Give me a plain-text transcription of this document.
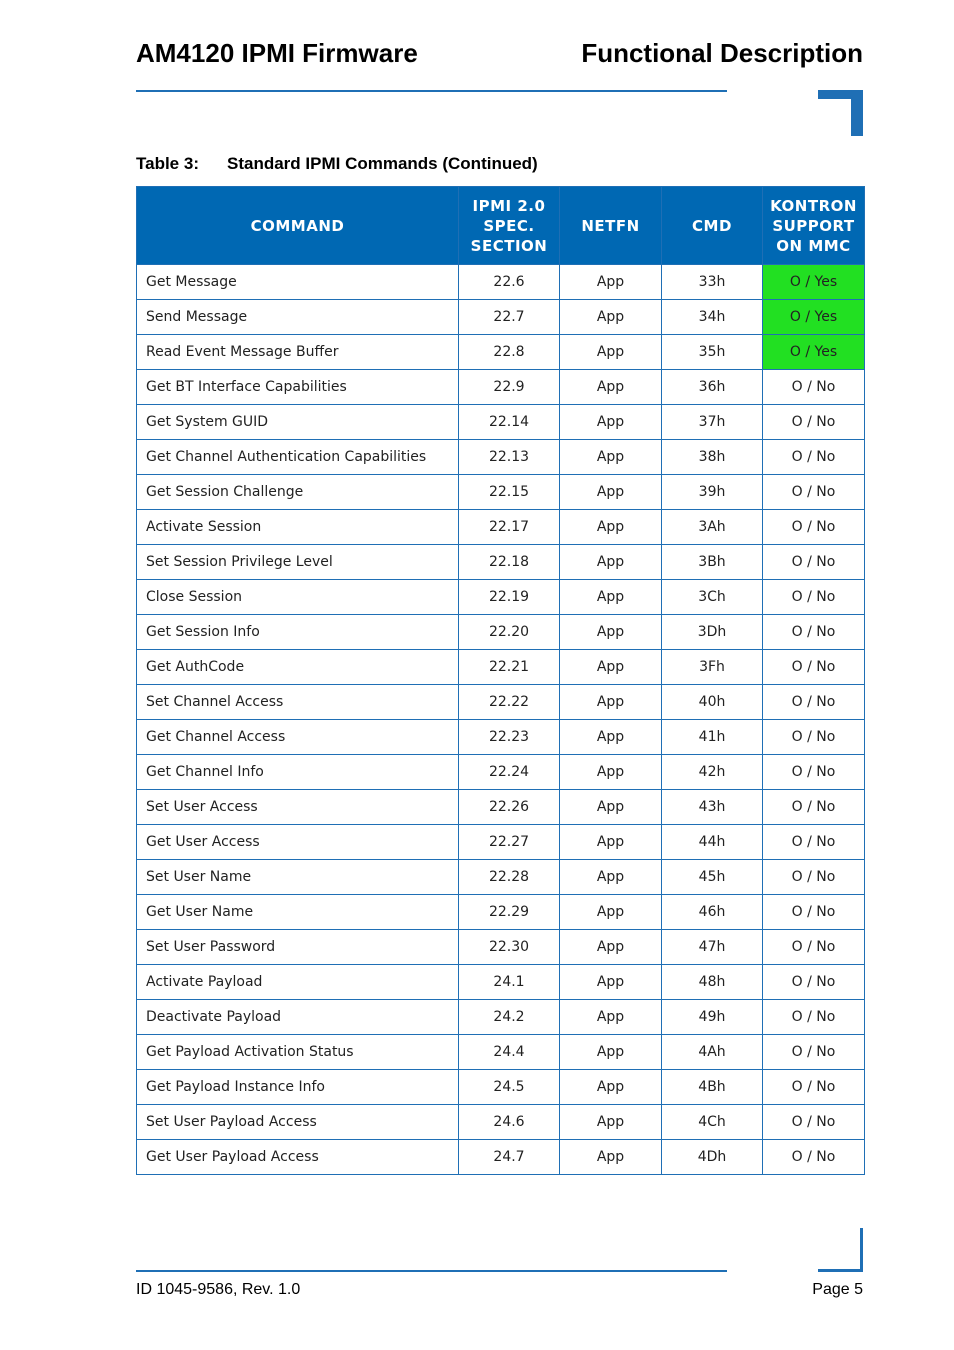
AM4120 IPMI Firmware	Functional Description
Table 3: Standard IPMI Commands (Continued)
COMMAND	IPMI 2.0
SPEC.
SECTION	NETFN	CMD	KONTRON
SUPPORT
ON MMC
Get Message	22.6	App	33h	O / Yes
Send Message	22.7	App	34h	O / Yes
Read Event Message Buffer	22.8	App	35h	O / Yes
Get BT Interface Capabilities	22.9	App	36h	O / No
Get System GUID	22.14	App	37h	O / No
Get Channel Authentication Capabilities	22.13	App	38h	O / No
Get Session Challenge	22.15	App	39h	O / No
Activate Session	22.17	App	3Ah	O / No
Set Session Privilege Level	22.18	App	3Bh	O / No
Close Session	22.19	App	3Ch	O / No
Get Session Info	22.20	App	3Dh	O / No
Get AuthCode	22.21	App	3Fh	O / No
Set Channel Access	22.22	App	40h	O / No
Get Channel Access	22.23	App	41h	O / No
Get Channel Info	22.24	App	42h	O / No
Set User Access	22.26	App	43h	O / No
Get User Access	22.27	App	44h	O / No
Set User Name	22.28	App	45h	O / No
Get User Name	22.29	App	46h	O / No
Set User Password	22.30	App	47h	O / No
Activate Payload	24.1	App	48h	O / No
Deactivate Payload	24.2	App	49h	O / No
Get Payload Activation Status	24.4	App	4Ah	O / No
Get Payload Instance Info	24.5	App	4Bh	O / No
Set User Payload Access	24.6	App	4Ch	O / No
Get User Payload Access	24.7	App	4Dh	O / No
ID 1045-9586, Rev. 1.0	Page 5
